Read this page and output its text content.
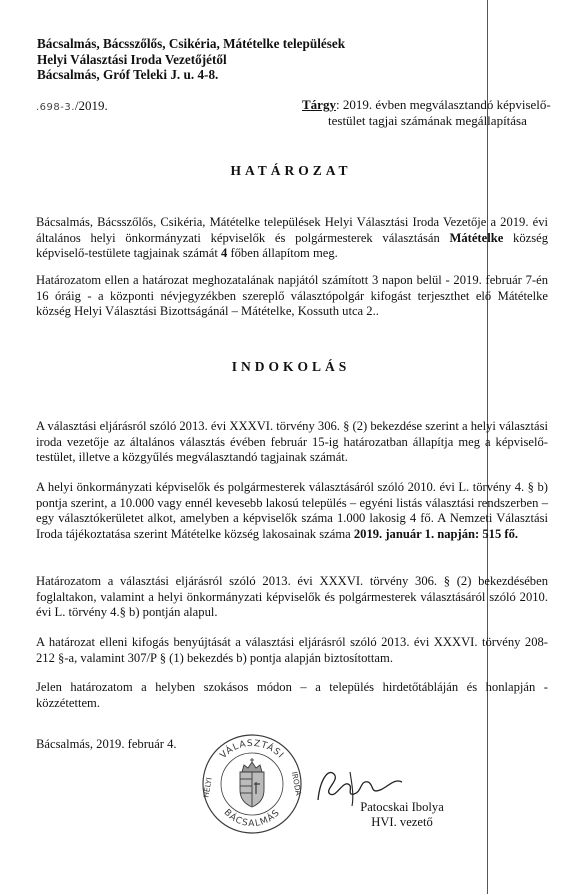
Bácsalmás, Bácsszőlős, Csikéria, Mátételke települések
Helyi Választási Iroda Vezetőjétől
Bácsalmás, Gróf Teleki J. u. 4-8.
.698-3./2019.	Tárgy: 2019. évben megválasztandó képviselő-
testület tagjai számának megállapítása
HATÁROZAT
Bácsalmás, Bácsszőlős, Csikéria, Mátételke települések Helyi Választási Iroda Vezetője a 2019. évi általános helyi önkormányzati képviselők és polgármesterek választásán Mátételke község képviselő-testülete tagjainak számát 4 főben állapítom meg.
Határozatom ellen a határozat meghozatalának napjától számított 3 napon belül - 2019. február 7-én 16 óráig - a központi névjegyzékben szereplő választópolgár kifogást terjeszthet elő Mátételke község Helyi Választási Bizottságánál – Mátételke, Kossuth utca 2..
INDOKOLÁS
A választási eljárásról szóló 2013. évi XXXVI. törvény 306. § (2) bekezdése szerint a helyi választási iroda vezetője az általános választás évében február 15-ig határozatban állapítja meg a képviselő-testület, illetve a közgyűlés megválasztandó tagjainak számát.
A helyi önkormányzati képviselők és polgármesterek választásáról szóló 2010. évi L. törvény 4. § b) pontja szerint, a 10.000 vagy ennél kevesebb lakosú település – egyéni listás választási rendszerben – egy választókerületet alkot, amelyben a képviselők száma 1.000 lakosig 4 fő. A Nemzeti Választási Iroda tájékoztatása szerint Mátételke község lakosainak száma 2019. január 1. napján: 515 fő.
Határozatom a választási eljárásról szóló 2013. évi XXXVI. törvény 306. § (2) bekezdésében foglaltakon, valamint a helyi önkormányzati képviselők és polgármesterek választásáról szóló 2010. évi L. törvény 4.§ b) pontján alapul.
A határozat elleni kifogás benyújtását a választási eljárásról szóló 2013. évi XXXVI. törvény 208-212 §-a, valamint 307/P § (1) bekezdés b) pontja alapján biztosítottam.
Jelen határozatom a helyben szokásos módon – a település hirdetőtábláján és honlapján - közzétettem.
Bácsalmás, 2019. február 4.
VÁLASZTÁSI
BÁCSALMÁS
HELYI	IRODA
Patocskai Ibolya
HVI. vezető
